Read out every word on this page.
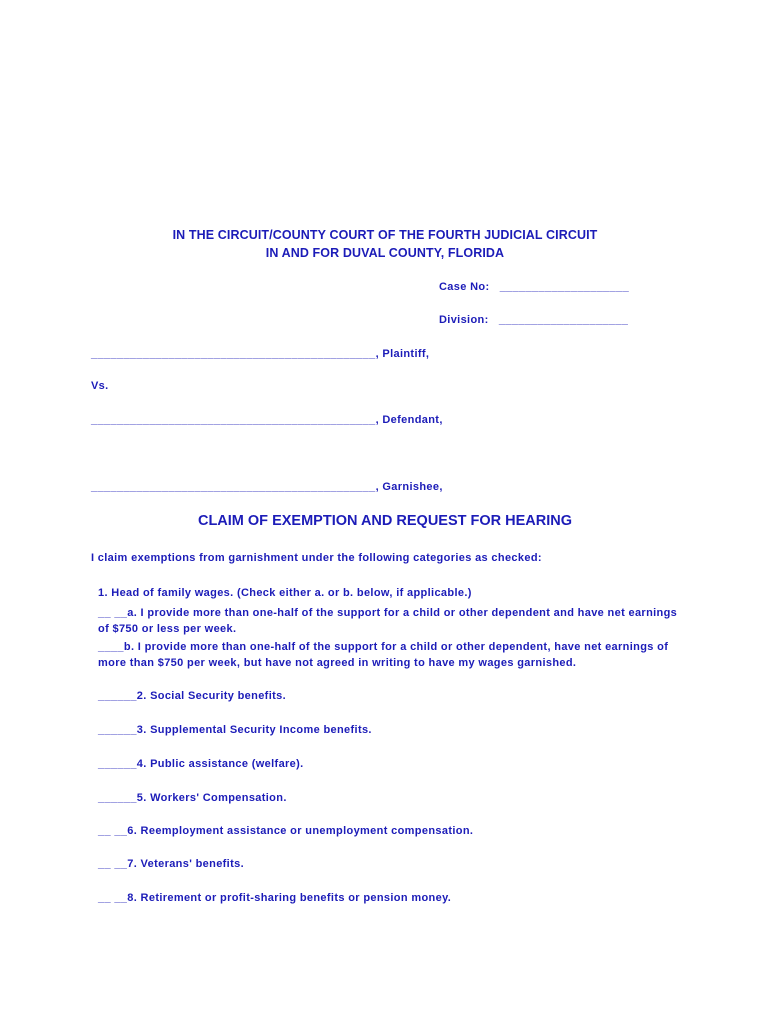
IN THE CIRCUIT/COUNTY COURT OF THE FOURTH JUDICIAL CIRCUIT
IN AND FOR DUVAL COUNTY, FLORIDA
Case No: ____________________
Division: ____________________
____________________________________________, Plaintiff,
Vs.
____________________________________________, Defendant,
____________________________________________, Garnishee,
CLAIM OF EXEMPTION AND REQUEST FOR HEARING
I claim exemptions from garnishment under the following categories as checked:
1. Head of family wages. (Check either a. or b. below, if applicable.)
__ __a. I provide more than one-half of the support for a child or other dependent and have net earnings of $750 or less per week.
____b. I provide more than one-half of the support for a child or other dependent, have net earnings of more than $750 per week, but have not agreed in writing to have my wages garnished.
______2. Social Security benefits.
______3. Supplemental Security Income benefits.
______4. Public assistance (welfare).
______5. Workers' Compensation.
__ __6. Reemployment assistance or unemployment compensation.
__ __7. Veterans' benefits.
__ __8. Retirement or profit-sharing benefits or pension money.
